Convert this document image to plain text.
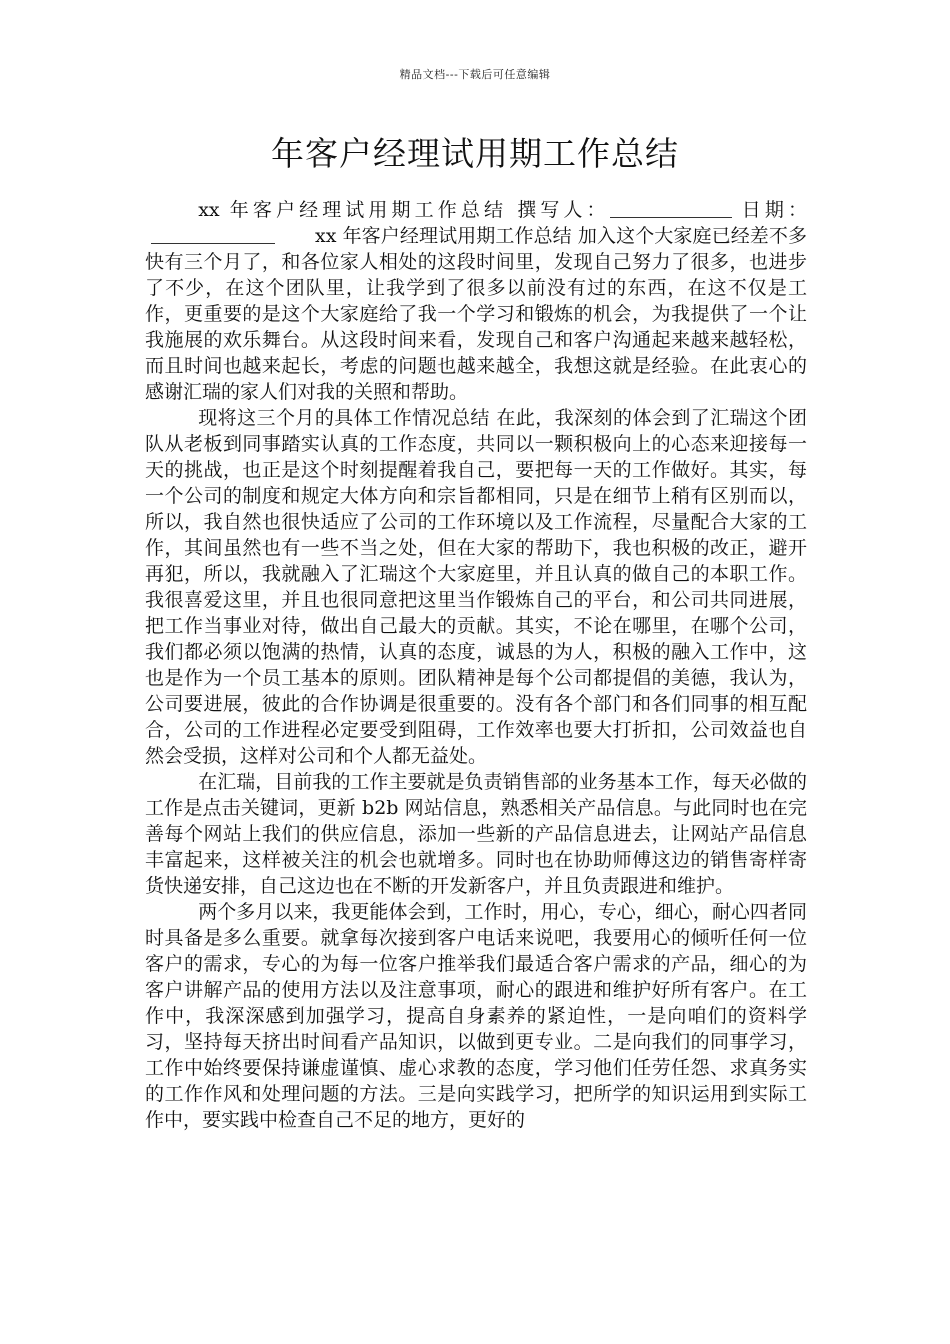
精品文档---下载后可任意编辑
年客户经理试用期工作总结

xx 年客户经理试用期工作总结 撰写人：	日期：xx 年客户经理试用期工作总结 加入这个大家庭已经差不多快有三个月了，和各位家人相处的这段时间里，发现自己努力了很多，也进步了不少，在这个团队里，让我学到了很多以前没有过的东西，在这不仅是工作，更重要的是这个大家庭给了我一个学习和锻炼的机会，为我提供了一个让我施展的欢乐舞台。从这段时间来看，发现自己和客户沟通起来越来越轻松，而且时间也越来起长，考虑的问题也越来越全，我想这就是经验。在此衷心的感谢汇瑞的家人们对我的关照和帮助。

现将这三个月的具体工作情况总结 在此，我深刻的体会到了汇瑞这个团队从老板到同事踏实认真的工作态度，共同以一颗积极向上的心态来迎接每一天的挑战，也正是这个时刻提醒着我自己，要把每一天的工作做好。其实，每一个公司的制度和规定大体方向和宗旨都相同，只是在细节上稍有区别而以，所以，我自然也很快适应了公司的工作环境以及工作流程，尽量配合大家的工作，其间虽然也有一些不当之处，但在大家的帮助下，我也积极的改正，避开再犯，所以，我就融入了汇瑞这个大家庭里，并且认真的做自己的本职工作。我很喜爱这里，并且也很同意把这里当作锻炼自己的平台，和公司共同进展，把工作当事业对待，做出自己最大的贡献。其实，不论在哪里，在哪个公司，我们都必须以饱满的热情，认真的态度，诚恳的为人，积极的融入工作中，这也是作为一个员工基本的原则。团队精神是每个公司都提倡的美德，我认为，公司要进展，彼此的合作协调是很重要的。没有各个部门和各们同事的相互配合，公司的工作进程必定要受到阻碍，工作效率也要大打折扣，公司效益也自然会受损，这样对公司和个人都无益处。

在汇瑞，目前我的工作主要就是负责销售部的业务基本工作，每天必做的工作是点击关键词，更新 b2b 网站信息，熟悉相关产品信息。与此同时也在完善每个网站上我们的供应信息，添加一些新的产品信息进去，让网站产品信息丰富起来，这样被关注的机会也就增多。同时也在协助师傅这边的销售寄样寄货快递安排，自己这边也在不断的开发新客户，并且负责跟进和维护。

两个多月以来，我更能体会到，工作时，用心，专心，细心，耐心四者同时具备是多么重要。就拿每次接到客户电话来说吧，我要用心的倾听任何一位客户的需求，专心的为每一位客户推举我们最适合客户需求的产品，细心的为客户讲解产品的使用方法以及注意事项，耐心的跟进和维护好所有客户。在工作中，我深深感到加强学习，提高自身素养的紧迫性，一是向咱们的资料学习，坚持每天挤出时间看产品知识，以做到更专业。二是向我们的同事学习，工作中始终要保持谦虚谨慎、虚心求教的态度，学习他们任劳任怨、求真务实的工作作风和处理问题的方法。三是向实践学习，把所学的知识运用到实际工作中，要实践中检查自己不足的地方，更好的
